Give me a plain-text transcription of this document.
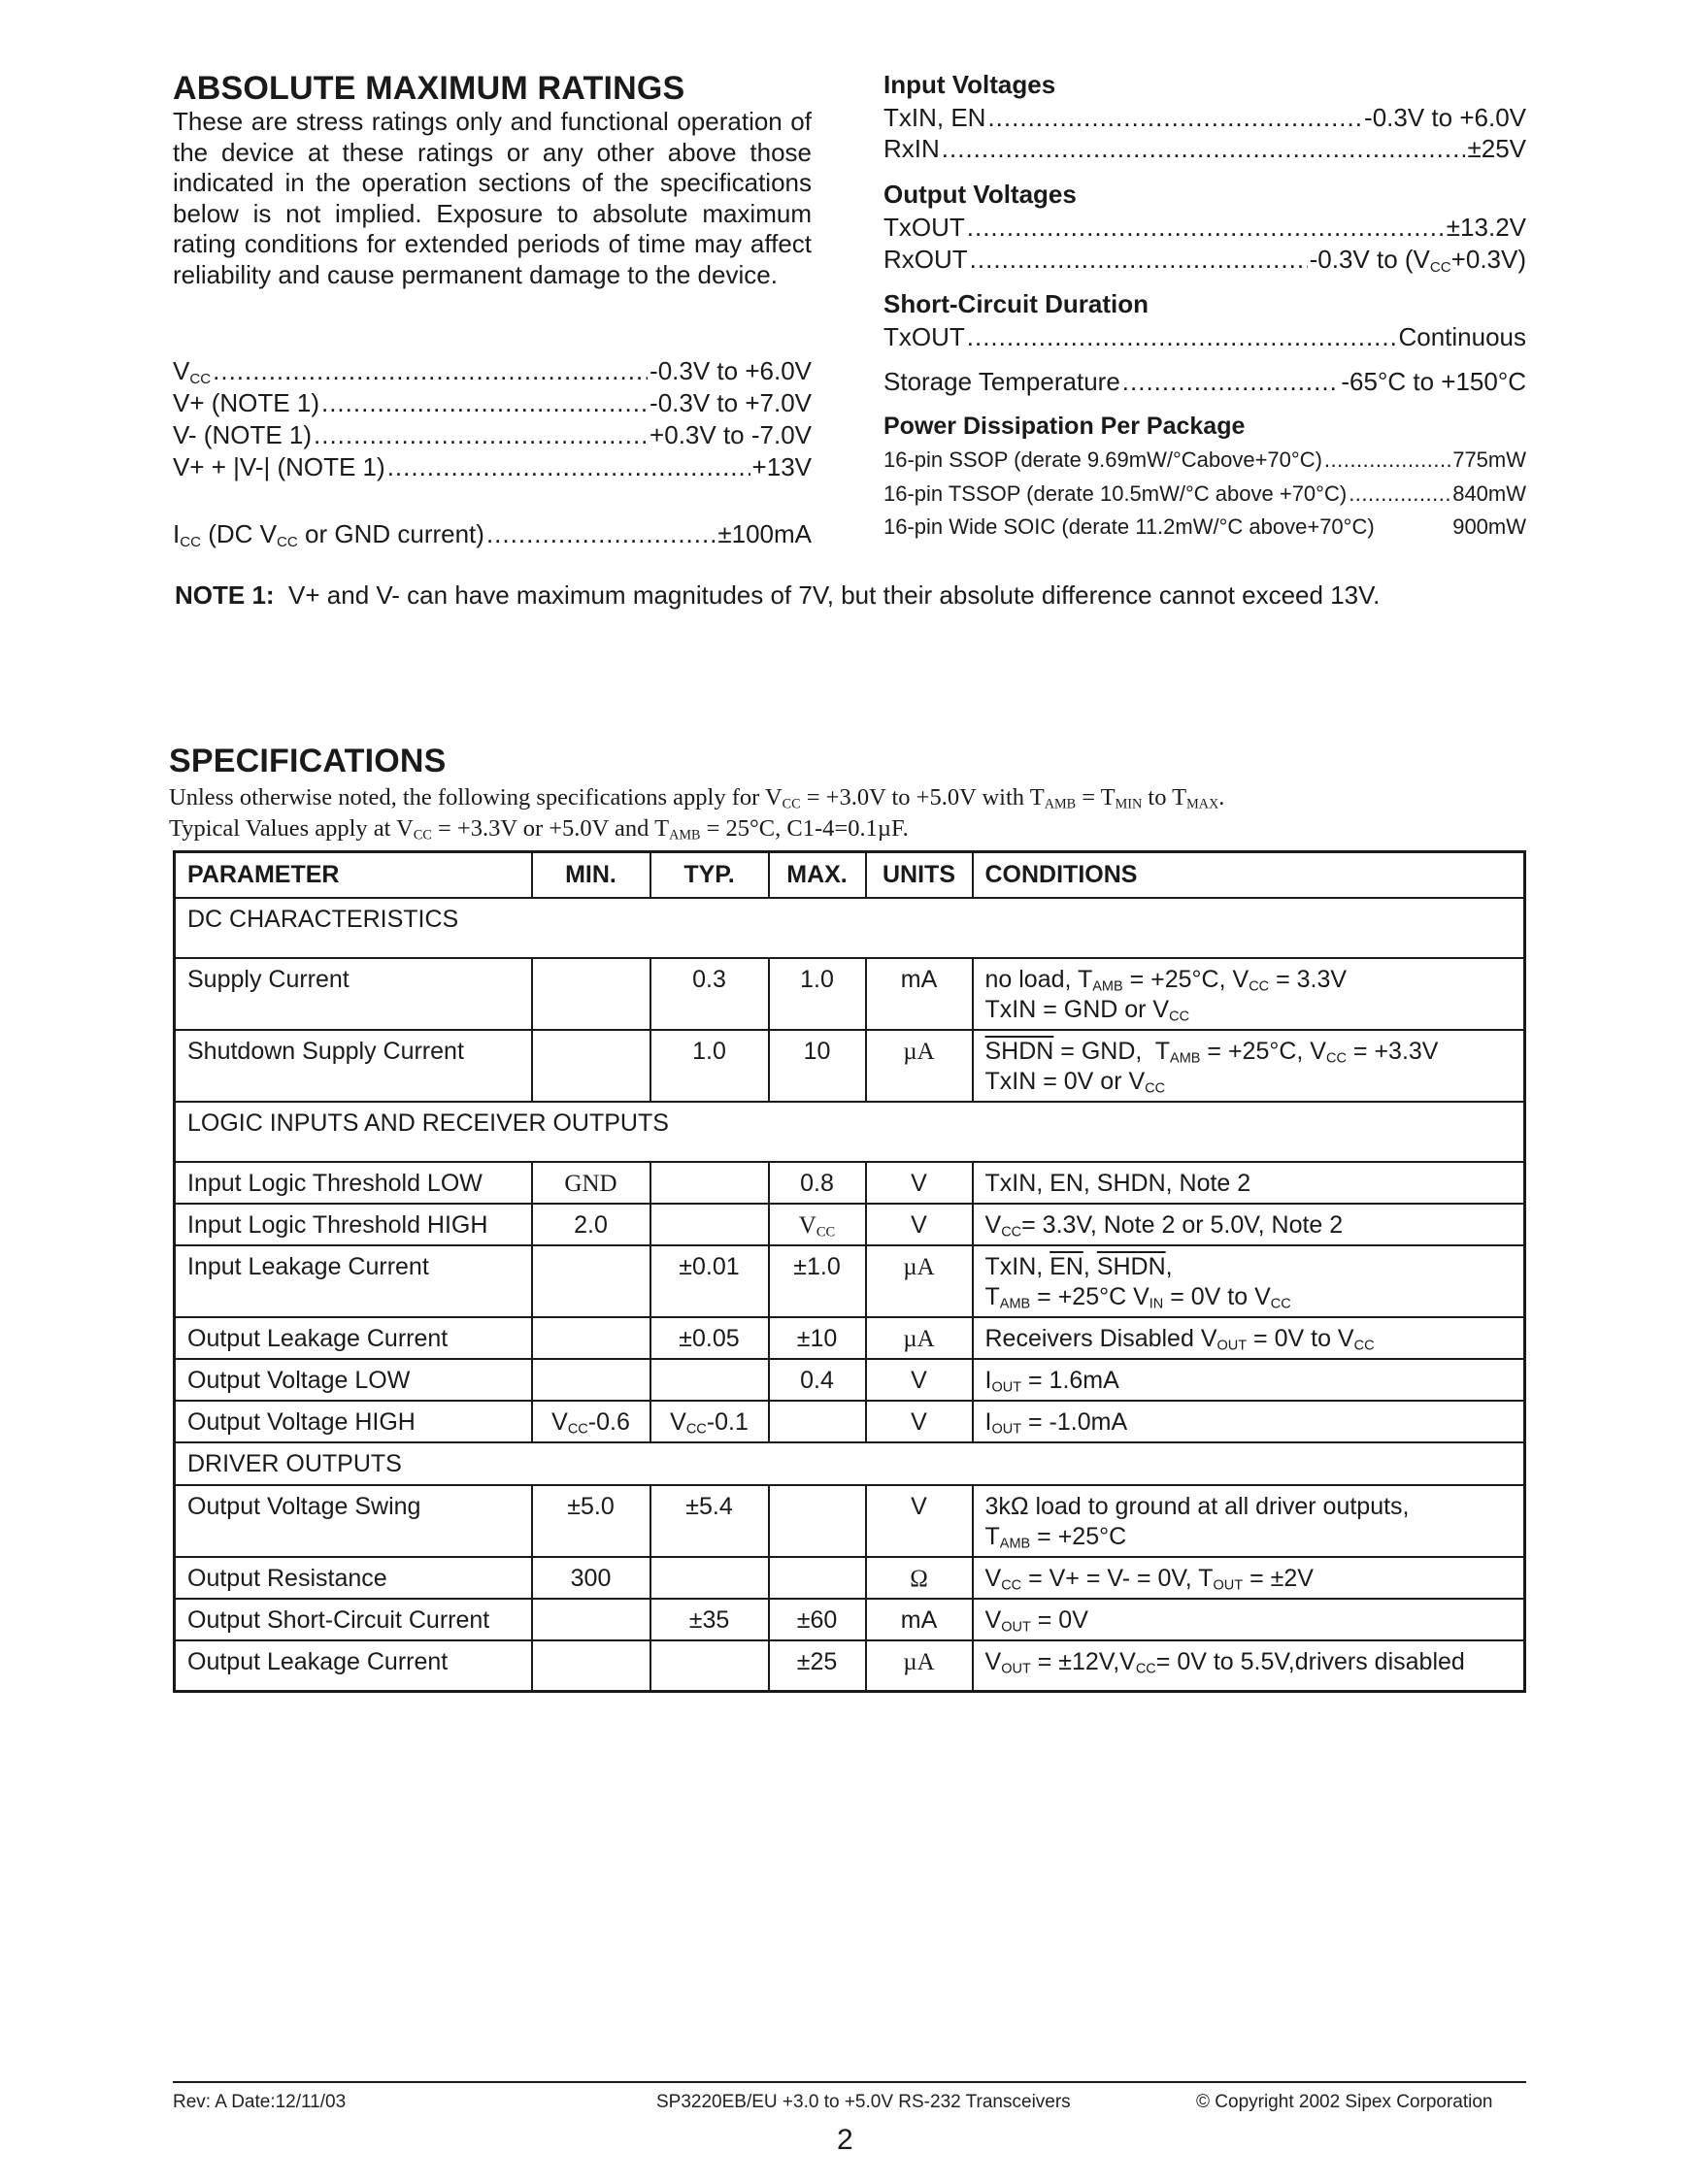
ABSOLUTE MAXIMUM RATINGS
These are stress ratings only and functional operation of the device at these ratings or any other above those indicated in the operation sections of the specifications below is not implied. Exposure to absolute maximum rating conditions for extended periods of time may affect reliability and cause permanent damage to the device.
$V_{CC}$ .....	-0.3V to +6.0V
V+ (NOTE 1) .....	-0.3V to +7.0V
V- (NOTE 1) .....	+0.3V to -7.0V
V+ + |V-| (NOTE 1) .....	+13V
$I_{CC}$ (DC $V_{CC}$ or GND current) .....	±100mA
NOTE 1: V+ and V- can have maximum magnitudes of 7V, but their absolute difference cannot exceed 13V.
Input Voltages
TxIN, EN .....	-0.3V to +6.0V
RxIN .....	±25V
Output Voltages
TxOUT .....	±13.2V
RxOUT .....	-0.3V to $(V_{CC}+0.3V)$
Short-Circuit Duration
TxOUT .....	Continuous
Storage Temperature .....	-65°C to +150°C
Power Dissipation Per Package
16-pin SSOP (derate 9.69mW/°Cabove+70°C) .....	775mW
16-pin TSSOP (derate 10.5mW/°C above +70°C) .....	840mW
16-pin Wide SOIC (derate 11.2mW/°C above+70°C)	900mW
SPECIFICATIONS
Unless otherwise noted, the following specifications apply for $V_{CC} = +3.0V$ to +5.0V with $T_{AMB} = T_{MIN}$ to $T_{MAX}$.
Typical Values apply at $V_{CC} = +3.3V$ or +5.0V and $T_{AMB} = 25^\circ C$, C1-4=0.1µF.
PARAMETER	MIN.	TYP.	MAX.	UNITS	CONDITIONS
DC CHARACTERISTICS					
Supply Current		0.3	1.0	mA	no load, $T_{AMB} = +25^\circ C$, $V_{CC} = 3.3V$
TxIN = GND or $V_{CC}$
Shutdown Supply Current		1.0	10	µA	SHDN = GND,  $T_{AMB} = +25^\circ C$, $V_{CC} = +3.3V$
TxIN = 0V or $V_{CC}$
LOGIC INPUTS AND RECEIVER OUTPUTS					
Input Logic Threshold LOW	GND		0.8	V	TxIN, EN, SHDN, Note 2
Input Logic Threshold HIGH	2.0		$V_{CC}$	V	$V_{CC}= 3.3V$, Note 2 or 5.0V, Note 2
Input Leakage Current		±0.01	±1.0	µA	TxIN, $\overline{EN}$, SHDN,
$T_{AMB} = +25^\circ C$ $V_{IN} = 0V$ to $V_{CC}$
Output Leakage Current		±0.05	±10	µA	Receivers Disabled $V_{OUT} = 0V$ to $V_{CC}$
Output Voltage LOW			0.4	V	$I_{OUT} = 1.6mA$
Output Voltage HIGH	$V_{CC}-0.6$	$V_{CC}-0.1$		V	$I_{OUT} = -1.0mA$
DRIVER OUTPUTS					
Output Voltage Swing	±5.0	±5.4		V	3kΩ load to ground at all driver outputs,
$T_{AMB} = +25^\circ C$
Output Resistance	300			Ω	$V_{CC} = V+ = V- = 0V$, $T_{OUT} = \pm 2V$
Output Short-Circuit Current		±35	±60	mA	$V_{OUT} = 0V$
Output Leakage Current			±25	µA	$V_{OUT} = \pm 12V,V_{CC}= 0V$ to 5.5V,drivers disabled
Rev: A Date:12/11/03	SP3220EB/EU +3.0 to +5.0V RS-232 Transceivers	© Copyright 2002 Sipex Corporation
2
